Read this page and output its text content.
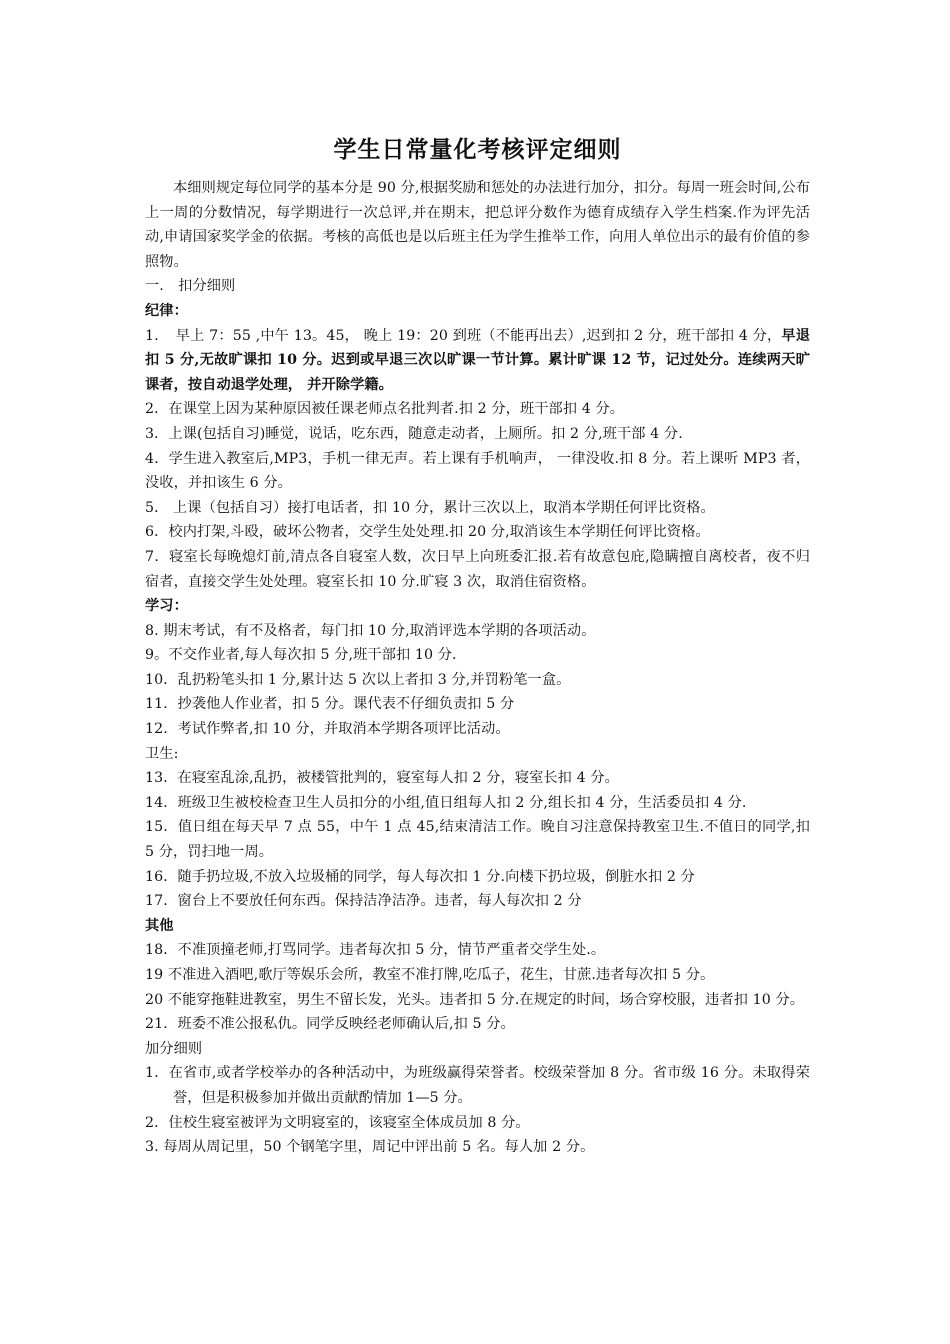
学生日常量化考核评定细则

本细则规定每位同学的基本分是 90 分,根据奖励和惩处的办法进行加分，扣分。每周一班会时间,公布上一周的分数情况，每学期进行一次总评,并在期末，把总评分数作为德育成绩存入学生档案.作为评先活动,申请国家奖学金的依据。考核的高低也是以后班主任为学生推举工作，向用人单位出示的最有价值的参照物。

一.　扣分细则

纪律：

1．　早上 7：55 ,中午 13。45， 晚上 19：20 到班（不能再出去）,迟到扣 2 分，班干部扣 4 分，早退扣 5 分,无故旷课扣 10 分。迟到或早退三次以旷课一节计算。累计旷课 12 节，记过处分。连续两天旷课者，按自动退学处理， 并开除学籍。

2．在课堂上因为某种原因被任课老师点名批判者.扣 2 分，班干部扣 4 分。

3．上课(包括自习)睡觉，说话，吃东西，随意走动者，上厕所。扣 2 分,班干部 4 分.

4．学生进入教室后,MP3，手机一律无声。若上课有手机响声， 一律没收.扣 8 分。若上课听 MP3 者，没收，并扣该生 6 分。

5． 上课（包括自习）接打电话者，扣 10 分，累计三次以上，取消本学期任何评比资格。

6．校内打架,斗殴，破坏公物者，交学生处处理.扣 20 分,取消该生本学期任何评比资格。

7．寝室长每晚熄灯前,清点各自寝室人数，次日早上向班委汇报.若有故意包庇,隐瞒擅自离校者，夜不归宿者，直接交学生处处理。寝室长扣 10 分.旷寝 3 次，取消住宿资格。

学习：

8. 期末考试，有不及格者，每门扣 10 分,取消评选本学期的各项活动。

9。不交作业者,每人每次扣 5 分,班干部扣 10 分.

10．乱扔粉笔头扣 1 分,累计达 5 次以上者扣 3 分,并罚粉笔一盒。

11．抄袭他人作业者，扣 5 分。课代表不仔细负责扣 5 分

12．考试作弊者,扣 10 分，并取消本学期各项评比活动。

卫生:

13．在寝室乱涂,乱扔，被楼管批判的，寝室每人扣 2 分，寝室长扣 4 分。

14．班级卫生被校检查卫生人员扣分的小组,值日组每人扣 2 分,组长扣 4 分，生活委员扣 4 分.

15．值日组在每天早 7 点 55，中午 1 点 45,结束清洁工作。晚自习注意保持教室卫生.不值日的同学,扣 5 分，罚扫地一周。

16．随手扔垃圾,不放入垃圾桶的同学，每人每次扣 1 分.向楼下扔垃圾，倒脏水扣 2 分

17．窗台上不要放任何东西。保持洁净洁净。违者，每人每次扣 2 分

其他

18．不准顶撞老师,打骂同学。违者每次扣 5 分，情节严重者交学生处.。

19 不准进入酒吧,歌厅等娱乐会所，教室不准打牌,吃瓜子，花生，甘蔗.违者每次扣 5 分。

20 不能穿拖鞋进教室，男生不留长发，光头。违者扣 5 分.在规定的时间，场合穿校服，违者扣 10 分。

21．班委不准公报私仇。同学反映经老师确认后,扣 5 分。

加分细则

1．在省市,或者学校举办的各种活动中，为班级赢得荣誉者。校级荣誉加 8 分。省市级 16 分。未取得荣誉，但是积极参加并做出贡献酌情加 1—5 分。

2．住校生寝室被评为文明寝室的，该寝室全体成员加 8 分。

3. 每周从周记里，50 个钢笔字里，周记中评出前 5 名。每人加 2 分。
